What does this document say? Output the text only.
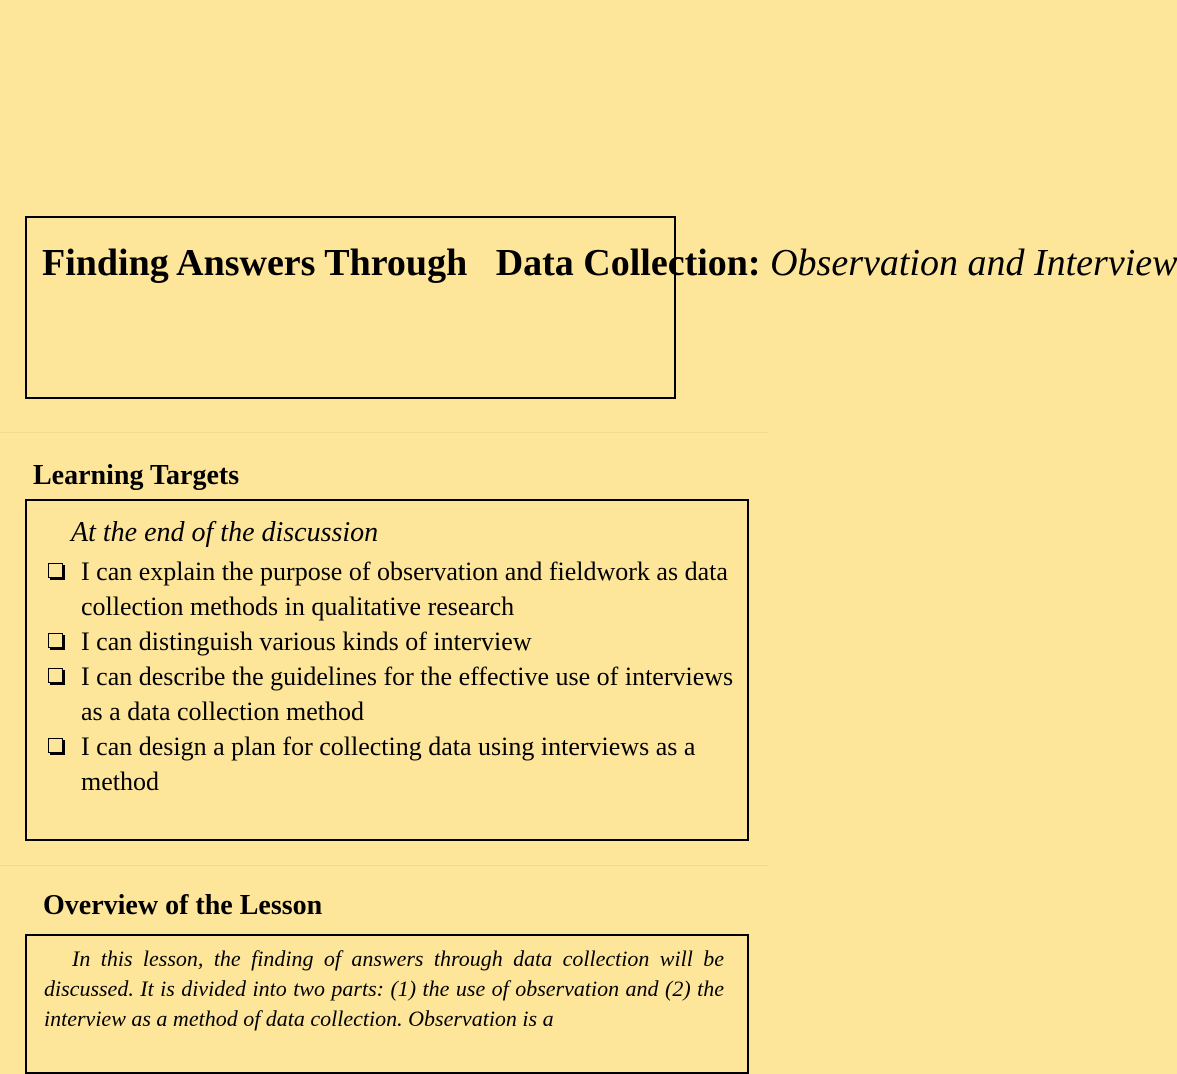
Finding Answers Through   Data Collection: Observation and Interview
Learning Targets
At the end of the discussion
I can explain the purpose of observation and fieldwork as data collection methods in qualitative research
I can distinguish various kinds of interview
I can describe the guidelines for the effective use of interviews as a data collection method
I can design a plan for collecting data using interviews as a method
Overview of the Lesson

In this lesson, the finding of answers through data collection will be discussed. It is divided into two parts: (1) the use of observation and (2) the interview as a method of data collection. Observation is a
